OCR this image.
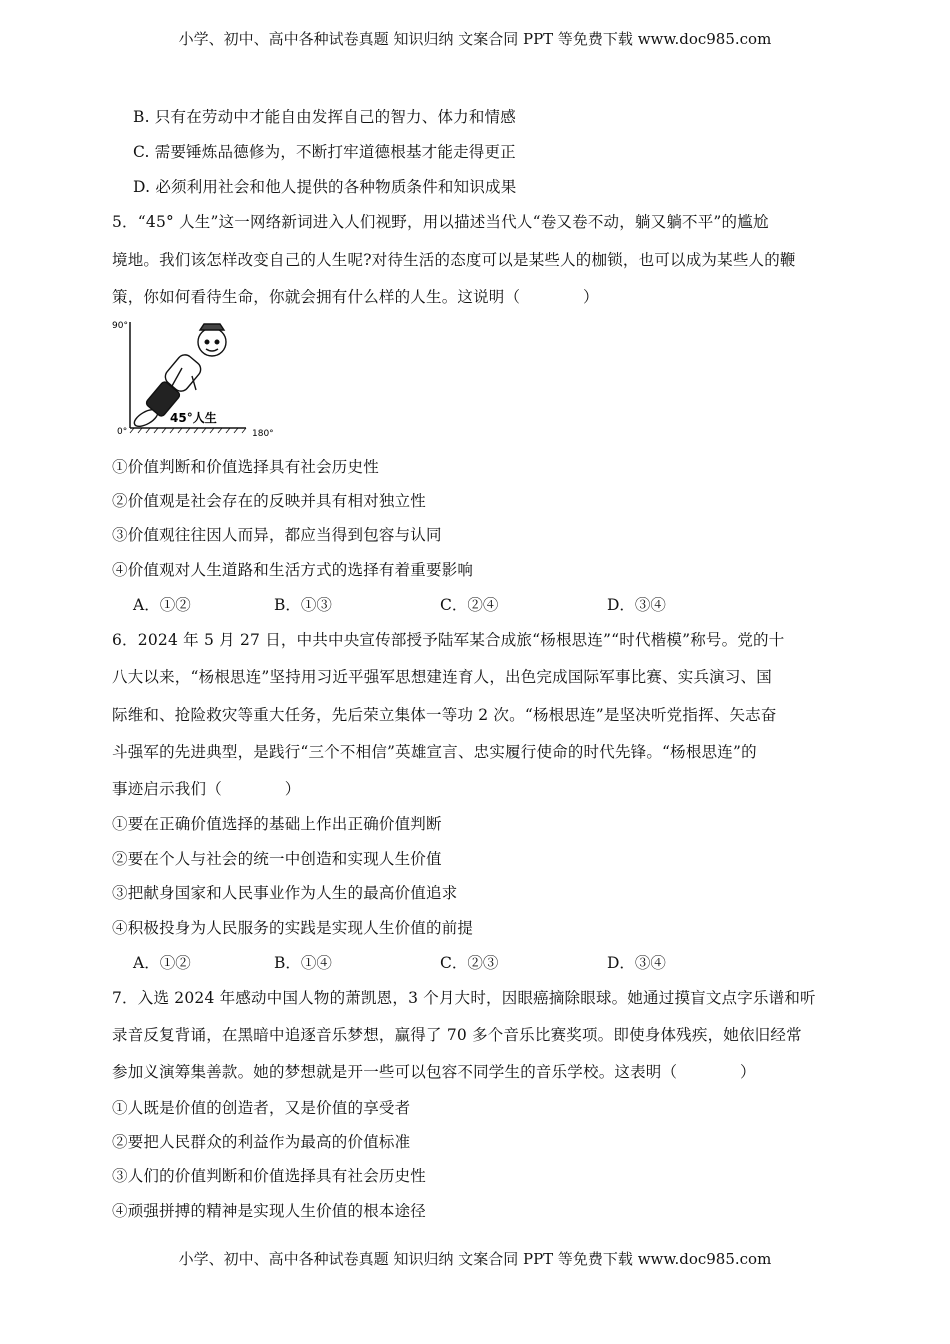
小学、初中、高中各种试卷真题 知识归纳 文案合同 PPT 等免费下载 www.doc985.com
B. 只有在劳动中才能自由发挥自己的智力、体力和情感
C. 需要锤炼品德修为，不断打牢道德根基才能走得更正
D. 必须利用社会和他人提供的各种物质条件和知识成果
5．“45° 人生”这一网络新词进入人们视野，用以描述当代人“卷又卷不动，躺又躺不平”的尴尬
境地。我们该怎样改变自己的人生呢?对待生活的态度可以是某些人的枷锁，也可以成为某些人的鞭
策，你如何看待生命，你就会拥有什么样的人生。这说明（　　　　）
90°
0°	180°
45°人生
①价值判断和价值选择具有社会历史性
②价值观是社会存在的反映并具有相对独立性
③价值观往往因人而异，都应当得到包容与认同
④价值观对人生道路和生活方式的选择有着重要影响
A．①②	B．①③	C．②④	D．③④
6．2024 年 5 月 27 日，中共中央宣传部授予陆军某合成旅“杨根思连”“时代楷模”称号。党的十
八大以来，“杨根思连”坚持用习近平强军思想建连育人，出色完成国际军事比赛、实兵演习、国
际维和、抢险救灾等重大任务，先后荣立集体一等功 2 次。“杨根思连”是坚决听党指挥、矢志奋
斗强军的先进典型，是践行“三个不相信”英雄宣言、忠实履行使命的时代先锋。“杨根思连”的
事迹启示我们（　　　　）
①要在正确价值选择的基础上作出正确价值判断
②要在个人与社会的统一中创造和实现人生价值
③把献身国家和人民事业作为人生的最高价值追求
④积极投身为人民服务的实践是实现人生价值的前提
A．①②	B．①④	C．②③	D．③④
7．入选 2024 年感动中国人物的萧凯恩，3 个月大时，因眼癌摘除眼球。她通过摸盲文点字乐谱和听
录音反复背诵，在黑暗中追逐音乐梦想，赢得了 70 多个音乐比赛奖项。即使身体残疾，她依旧经常
参加义演筹集善款。她的梦想就是开一些可以包容不同学生的音乐学校。这表明（　　　　）
①人既是价值的创造者，又是价值的享受者
②要把人民群众的利益作为最高的价值标准
③人们的价值判断和价值选择具有社会历史性
④顽强拼搏的精神是实现人生价值的根本途径
小学、初中、高中各种试卷真题 知识归纳 文案合同 PPT 等免费下载 www.doc985.com
